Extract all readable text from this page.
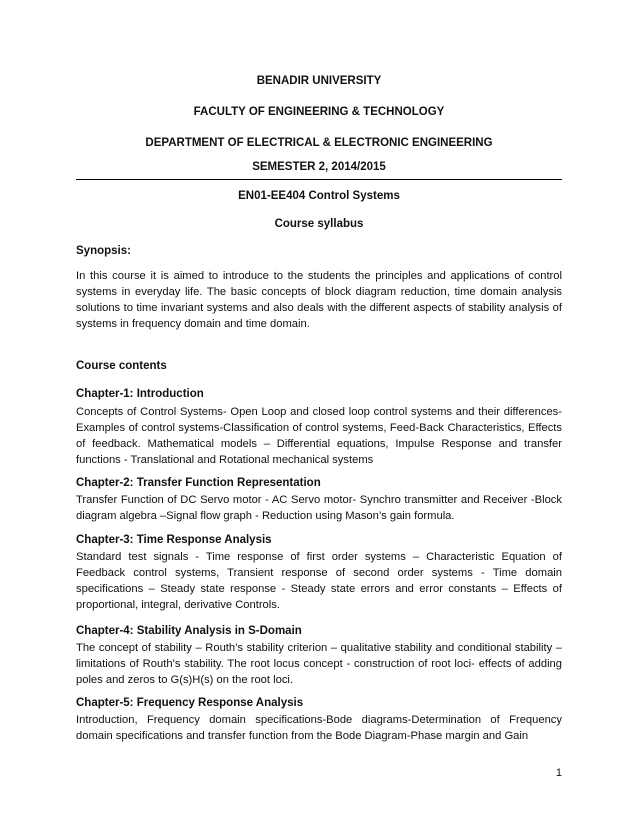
BENADIR UNIVERSITY
FACULTY OF ENGINEERING & TECHNOLOGY
DEPARTMENT OF ELECTRICAL & ELECTRONIC ENGINEERING
SEMESTER 2, 2014/2015
EN01-EE404 Control Systems
Course syllabus
Synopsis:

In this course it is aimed to introduce to the students the principles and applications of control systems in everyday life. The basic concepts of block diagram reduction, time domain analysis solutions to time invariant systems and also deals with the different aspects of stability analysis of systems in frequency domain and time domain.

Course contents
Chapter-1: Introduction

Concepts of Control Systems- Open Loop and closed loop control systems and their differences- Examples of control systems-Classification of control systems, Feed-Back Characteristics, Effects of feedback. Mathematical models – Differential equations, Impulse Response and transfer functions - Translational and Rotational mechanical systems

Chapter-2: Transfer Function Representation

Transfer Function of DC Servo motor - AC Servo motor- Synchro transmitter and Receiver -Block diagram algebra –Signal flow graph - Reduction using Mason’s gain formula.

Chapter-3: Time Response Analysis

Standard test signals - Time response of first order systems – Characteristic Equation of Feedback control systems, Transient response of second order systems - Time domain specifications – Steady state response - Steady state errors and error constants – Effects of proportional, integral, derivative Controls.

Chapter-4: Stability Analysis in S-Domain

The concept of stability – Routh’s stability criterion – qualitative stability and conditional stability – limitations of Routh’s stability. The root locus concept - construction of root loci- effects of adding poles and zeros to G(s)H(s) on the root loci.

Chapter-5: Frequency Response Analysis

Introduction, Frequency domain specifications-Bode diagrams-Determination of Frequency domain specifications and transfer function from the Bode Diagram-Phase margin and Gain

1
